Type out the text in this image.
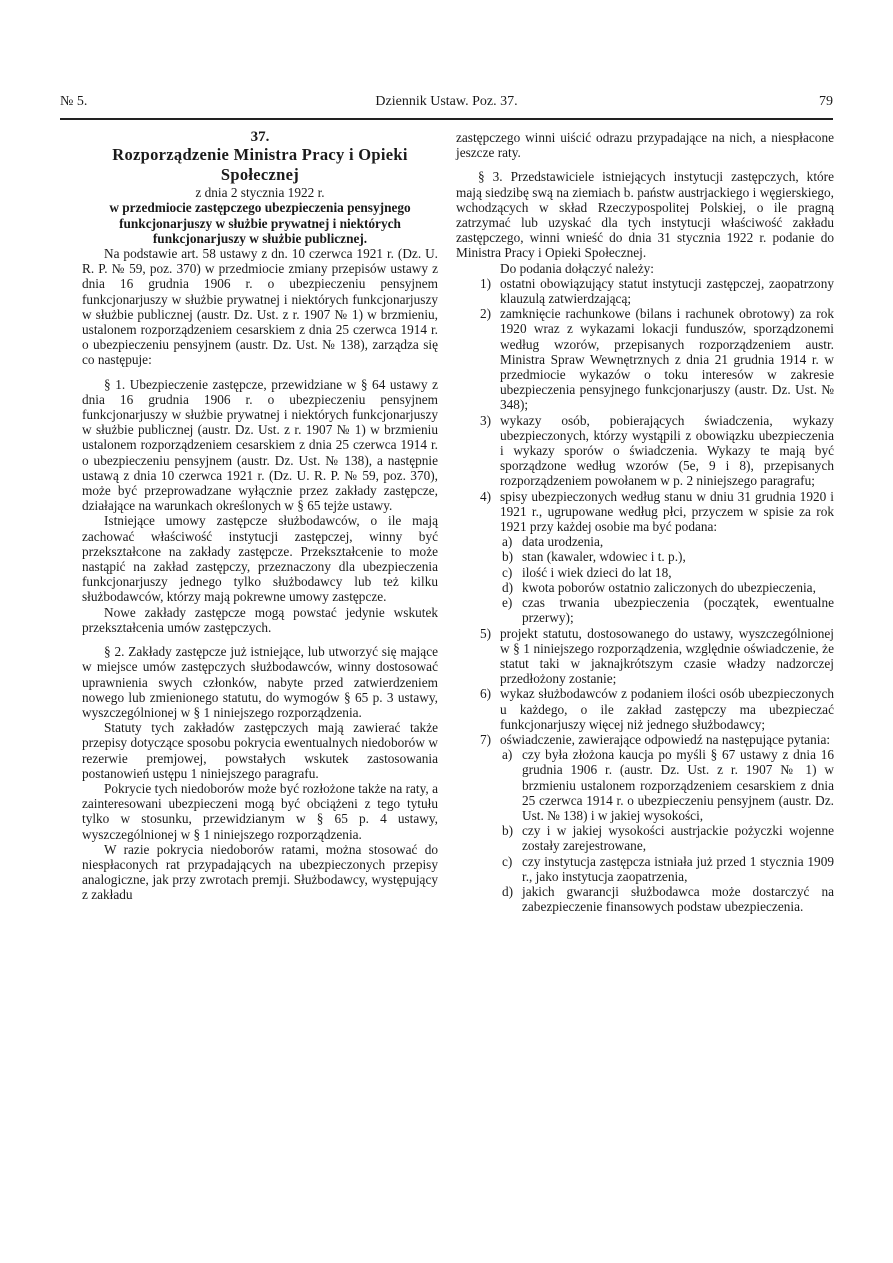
№ 5.	Dziennik Ustaw. Poz. 37.	79

37.

Rozporządzenie Ministra Pracy i Opieki Społecznej

z dnia 2 stycznia 1922 r.

w przedmiocie zastępczego ubezpieczenia pensyjnego funkcjonarjuszy w służbie prywatnej i niektórych funkcjonarjuszy w służbie publicznej.

Na podstawie art. 58 ustawy z dn. 10 czerwca 1921 r. (Dz. U. R. P. № 59, poz. 370) w przedmiocie zmiany przepisów ustawy z dnia 16 grudnia 1906 r. o ubezpieczeniu pensyjnem funkcjonarjuszy w służbie prywatnej i niektórych funkcjonarjuszy w służbie publicznej (austr. Dz. Ust. z r. 1907 № 1) w brzmieniu, ustalonem rozporządzeniem cesarskiem z dnia 25 czerwca 1914 r. o ubezpieczeniu pensyjnem (austr. Dz. Ust. № 138), zarządza się co następuje:

§ 1. Ubezpieczenie zastępcze, przewidziane w § 64 ustawy z dnia 16 grudnia 1906 r. o ubezpieczeniu pensyjnem funkcjonarjuszy w służbie prywatnej i niektórych funkcjonarjuszy w służbie publicznej (austr. Dz. Ust. z r. 1907 № 1) w brzmieniu ustalonem rozporządzeniem cesarskiem z dnia 25 czerwca 1914 r. o ubezpieczeniu pensyjnem (austr. Dz. Ust. № 138), a następnie ustawą z dnia 10 czerwca 1921 r. (Dz. U. R. P. № 59, poz. 370), może być przeprowadzane wyłącznie przez zakłady zastępcze, działające na warunkach określonych w § 65 tejże ustawy.

Istniejące umowy zastępcze służbodawców, o ile mają zachować właściwość instytucji zastępczej, winny być przekształcone na zakłady zastępcze. Przekształcenie to może nastąpić na zakład zastępczy, przeznaczony dla ubezpieczenia funkcjonarjuszy jednego tylko służbodawcy lub też kilku służbodawców, którzy mają pokrewne umowy zastępcze.

Nowe zakłady zastępcze mogą powstać jedynie wskutek przekształcenia umów zastępczych.

§ 2. Zakłady zastępcze już istniejące, lub utworzyć się mające w miejsce umów zastępczych służbodawców, winny dostosować uprawnienia swych członków, nabyte przed zatwierdzeniem nowego lub zmienionego statutu, do wymogów § 65 p. 3 ustawy, wyszczególnionej w § 1 niniejszego rozporządzenia.

Statuty tych zakładów zastępczych mają zawierać także przepisy dotyczące sposobu pokrycia ewentualnych niedoborów w rezerwie premjowej, powstałych wskutek zastosowania postanowień ustępu 1 niniejszego paragrafu.

Pokrycie tych niedoborów może być rozłożone także na raty, a zainteresowani ubezpieczeni mogą być obciążeni z tego tytułu tylko w stosunku, przewidzianym w § 65 p. 4 ustawy, wyszczególnionej w § 1 niniejszego rozporządzenia.

W razie pokrycia niedoborów ratami, można stosować do niespłaconych rat przypadających na ubezpieczonych przepisy analogiczne, jak przy zwrotach premji. Służbodawcy, występujący z zakładu

zastępczego winni uiścić odrazu przypadające na nich, a niespłacone jeszcze raty.

§ 3. Przedstawiciele istniejących instytucji zastępczych, które mają siedzibę swą na ziemiach b. państw austrjackiego i węgierskiego, wchodzących w skład Rzeczypospolitej Polskiej, o ile pragną zatrzymać lub uzyskać dla tych instytucji właściwość zakładu zastępczego, winni wnieść do dnia 31 stycznia 1922 r. podanie do Ministra Pracy i Opieki Społecznej.

Do podania dołączyć należy:

1) ostatni obowiązujący statut instytucji zastępczej, zaopatrzony klauzulą zatwierdzającą;
2) zamknięcie rachunkowe (bilans i rachunek obrotowy) za rok 1920 wraz z wykazami lokacji funduszów, sporządzonemi według wzorów, przepisanych rozporządzeniem austr. Ministra Spraw Wewnętrznych z dnia 21 grudnia 1914 r. w przedmiocie wykazów o toku interesów w zakresie ubezpieczenia pensyjnego funkcjonarjuszy (austr. Dz. Ust. № 348);
3) wykazy osób, pobierających świadczenia, wykazy ubezpieczonych, którzy wystąpili z obowiązku ubezpieczenia i wykazy sporów o świadczenia. Wykazy te mają być sporządzone według wzorów (5e, 9 i 8), przepisanych rozporządzeniem powołanem w p. 2 niniejszego paragrafu;
4) spisy ubezpieczonych według stanu w dniu 31 grudnia 1920 i 1921 r., ugrupowane według płci, przyczem w spisie za rok 1921 przy każdej osobie ma być podana:
a) data urodzenia,
b) stan (kawaler, wdowiec i t. p.),
c) ilość i wiek dzieci do lat 18,
d) kwota poborów ostatnio zaliczonych do ubezpieczenia,
e) czas trwania ubezpieczenia (początek, ewentualne przerwy);
5) projekt statutu, dostosowanego do ustawy, wyszczególnionej w § 1 niniejszego rozporządzenia, względnie oświadczenie, że statut taki w jaknajkrótszym czasie władzy nadzorczej przedłożony zostanie;
6) wykaz służbodawców z podaniem ilości osób ubezpieczonych u każdego, o ile zakład zastępczy ma ubezpieczać funkcjonarjuszy więcej niż jednego służbodawcy;
7) oświadczenie, zawierające odpowiedź na następujące pytania:
a) czy była złożona kaucja po myśli § 67 ustawy z dnia 16 grudnia 1906 r. (austr. Dz. Ust. z r. 1907 № 1) w brzmieniu ustalonem rozporządzeniem cesarskiem z dnia 25 czerwca 1914 r. o ubezpieczeniu pensyjnem (austr. Dz. Ust. № 138) i w jakiej wysokości,
b) czy i w jakiej wysokości austrjackie pożyczki wojenne zostały zarejestrowane,
c) czy instytucja zastępcza istniała już przed 1 stycznia 1909 r., jako instytucja zaopatrzenia,
d) jakich gwarancji służbodawca może dostarczyć na zabezpieczenie finansowych podstaw ubezpieczenia.
